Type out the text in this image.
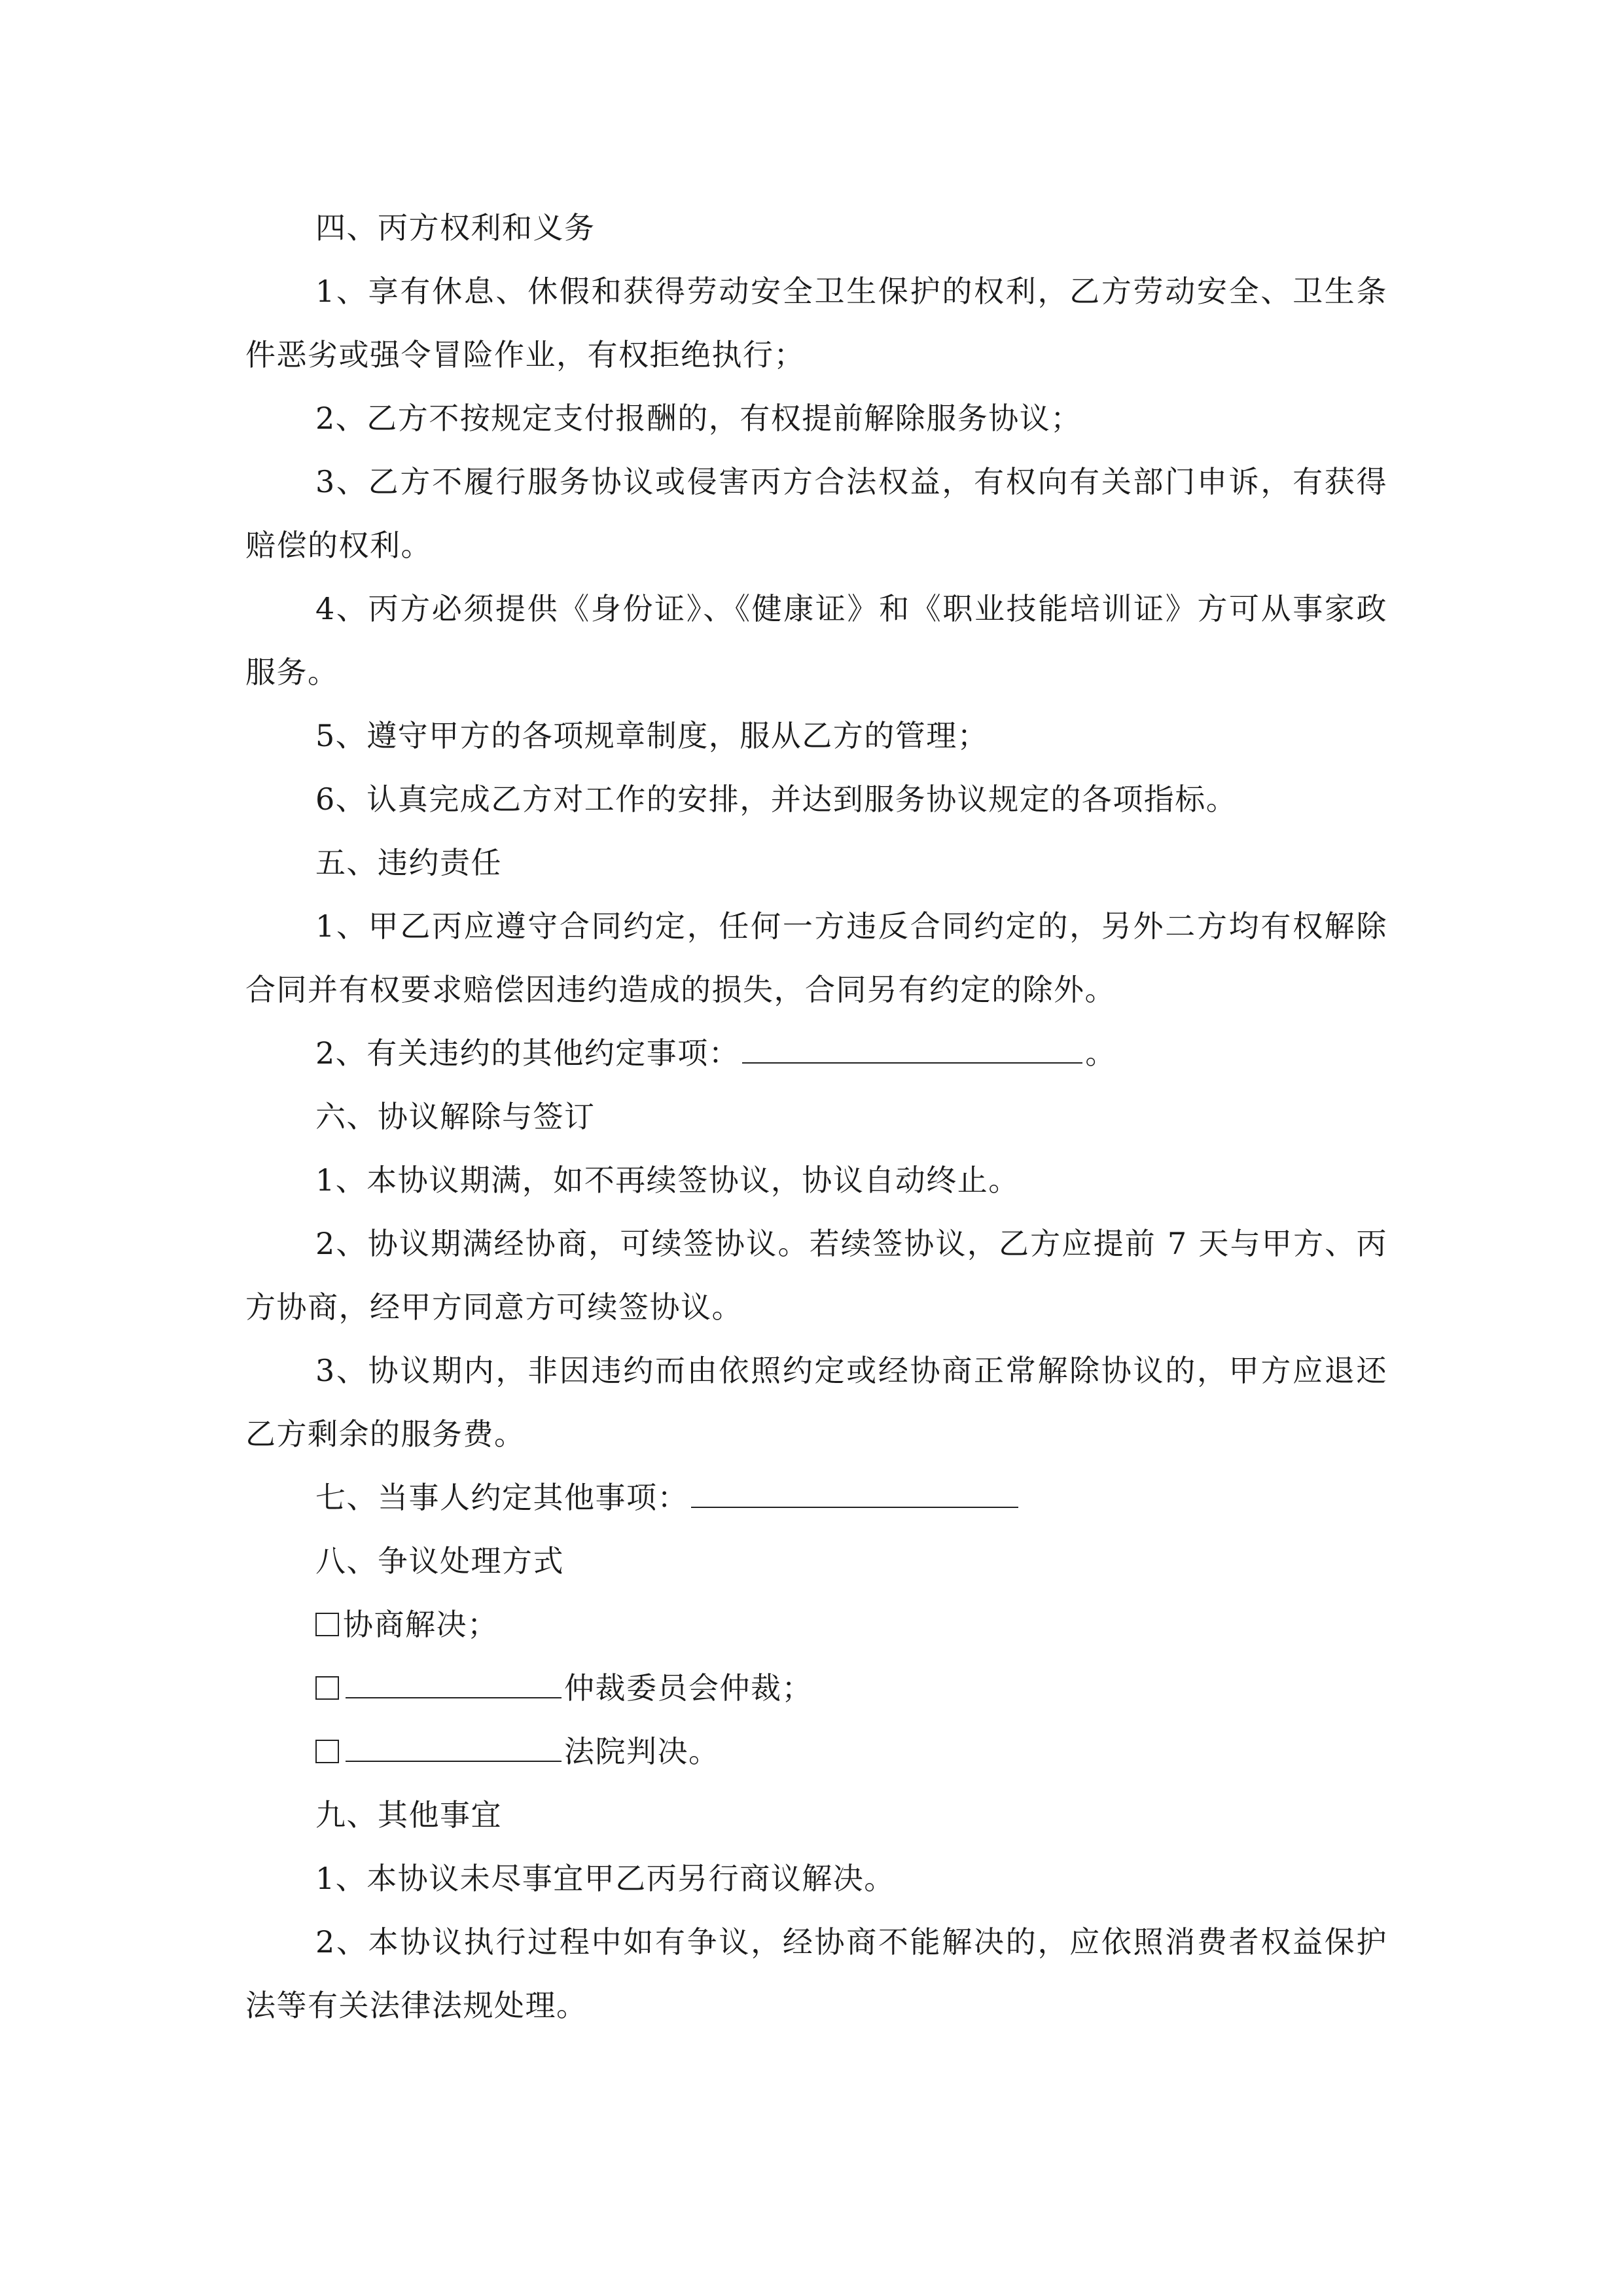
四、丙方权利和义务

1、享有休息、休假和获得劳动安全卫生保护的权利，乙方劳动安全、卫生条件恶劣或强令冒险作业，有权拒绝执行；

2、乙方不按规定支付报酬的，有权提前解除服务协议；

3、乙方不履行服务协议或侵害丙方合法权益，有权向有关部门申诉，有获得赔偿的权利。

4、丙方必须提供《身份证》、《健康证》和《职业技能培训证》方可从事家政服务。

5、遵守甲方的各项规章制度，服从乙方的管理；

6、认真完成乙方对工作的安排，并达到服务协议规定的各项指标。

五、违约责任

1、甲乙丙应遵守合同约定，任何一方违反合同约定的，另外二方均有权解除合同并有权要求赔偿因违约造成的损失，合同另有约定的除外。

2、有关违约的其他约定事项：	。

六、协议解除与签订

1、本协议期满，如不再续签协议，协议自动终止。

2、协议期满经协商，可续签协议。若续签协议，乙方应提前 7 天与甲方、丙方协商，经甲方同意方可续签协议。

3、协议期内，非因违约而由依照约定或经协商正常解除协议的，甲方应退还乙方剩余的服务费。

七、当事人约定其他事项：

八、争议处理方式

协商解决；

仲裁委员会仲裁；

法院判决。

九、其他事宜

1、本协议未尽事宜甲乙丙另行商议解决。

2、本协议执行过程中如有争议，经协商不能解决的，应依照消费者权益保护法等有关法律法规处理。
